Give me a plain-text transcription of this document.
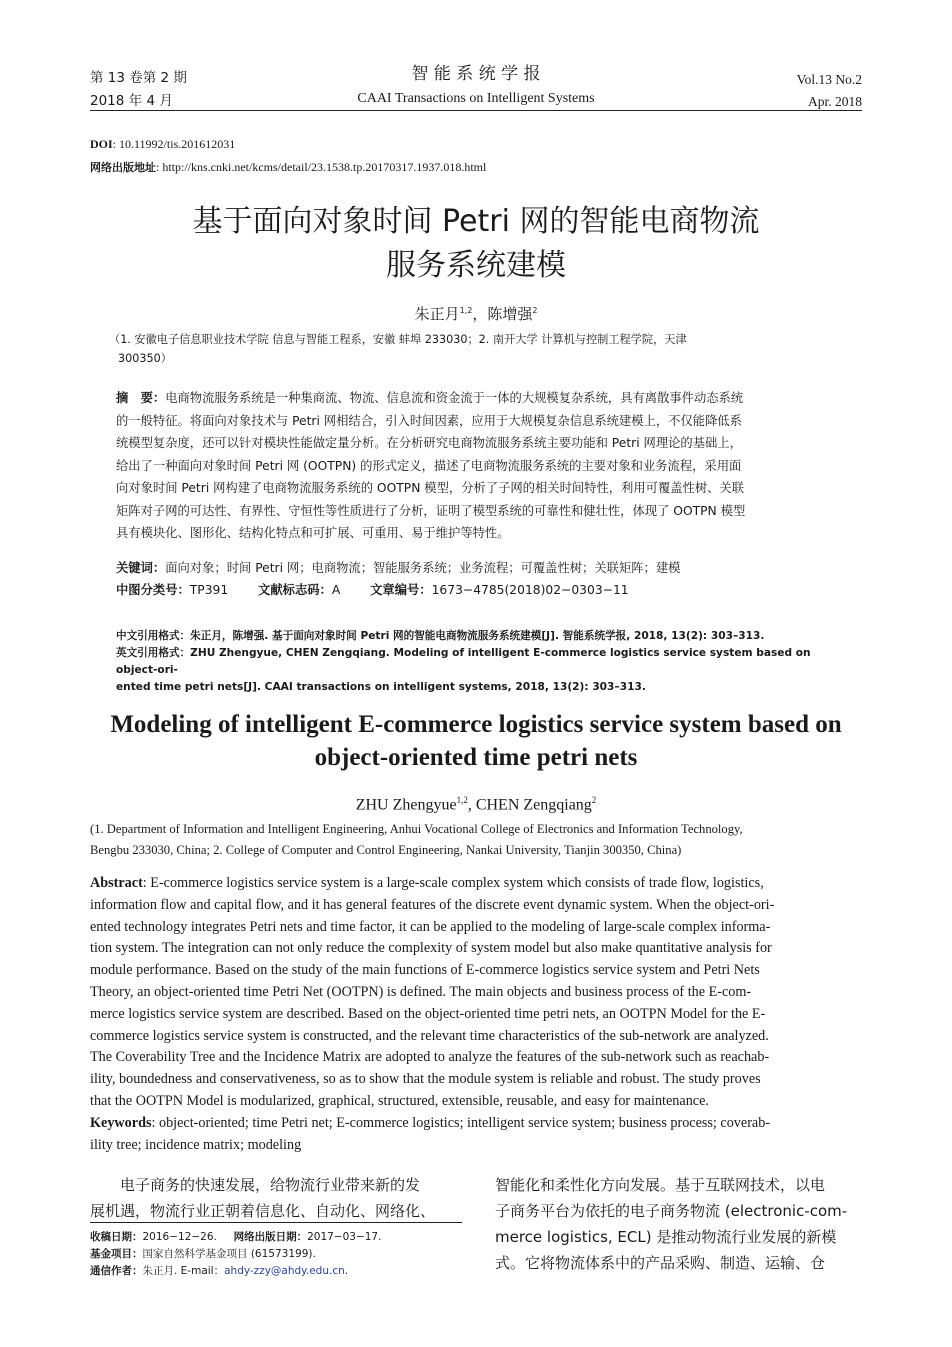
第 13 卷第 2 期
2018 年 4 月
智 能 系 统 学 报
CAAI Transactions on Intelligent Systems
Vol.13 No.2
Apr. 2018
DOI: 10.11992/tis.201612031
网络出版地址: http://kns.cnki.net/kcms/detail/23.1538.tp.20170317.1937.018.html
基于面向对象时间 Petri 网的智能电商物流
服务系统建模
朱正月$^{1,2}$，陈增强$^2$
（1. 安徽电子信息职业技术学院 信息与智能工程系，安徽 蚌埠 233030；2. 南开大学 计算机与控制工程学院，天津
300350）
摘　要：电商物流服务系统是一种集商流、物流、信息流和资金流于一体的大规模复杂系统，具有离散事件动态系统
的一般特征。将面向对象技术与 Petri 网相结合，引入时间因素，应用于大规模复杂信息系统建模上，不仅能降低系
统模型复杂度，还可以针对模块性能做定量分析。在分析研究电商物流服务系统主要功能和 Petri 网理论的基础上，
给出了一种面向对象时间 Petri 网 (OOTPN) 的形式定义，描述了电商物流服务系统的主要对象和业务流程，采用面
向对象时间 Petri 网构建了电商物流服务系统的 OOTPN 模型，分析了子网的相关时间特性，利用可覆盖性树、关联
矩阵对子网的可达性、有界性、守恒性等性质进行了分析，证明了模型系统的可靠性和健壮性，体现了 OOTPN 模型
具有模块化、图形化、结构化特点和可扩展、可重用、易于维护等特性。
关键词：面向对象；时间 Petri 网；电商物流；智能服务系统；业务流程；可覆盖性树；关联矩阵；建模
中图分类号：TP391 文献标志码：A 文章编号：1673−4785(2018)02−0303−11
中文引用格式：朱正月，陈增强. 基于面向对象时间 Petri 网的智能电商物流服务系统建模[J]. 智能系统学报, 2018, 13(2): 303–313.
英文引用格式：ZHU Zhengyue, CHEN Zengqiang. Modeling of intelligent E-commerce logistics service system based on object-ori-
ented time petri nets[J]. CAAI transactions on intelligent systems, 2018, 13(2): 303–313.
Modeling of intelligent E-commerce logistics service system based on
object-oriented time petri nets
ZHU Zhengyue$^{1,2}$, CHEN Zengqiang$^2$
(1. Department of Information and Intelligent Engineering, Anhui Vocational College of Electronics and Information Technology,
Bengbu 233030, China; 2. College of Computer and Control Engineering, Nankai University, Tianjin 300350, China)
Abstract: E-commerce logistics service system is a large-scale complex system which consists of trade flow, logistics,
information flow and capital flow, and it has general features of the discrete event dynamic system. When the object-ori-
ented technology integrates Petri nets and time factor, it can be applied to the modeling of large-scale complex informa-
tion system. The integration can not only reduce the complexity of system model but also make quantitative analysis for
module performance. Based on the study of the main functions of E-commerce logistics service system and Petri Nets
Theory, an object-oriented time Petri Net (OOTPN) is defined. The main objects and business process of the E-com-
merce logistics service system are described. Based on the object-oriented time petri nets, an OOTPN Model for the E-
commerce logistics service system is constructed, and the relevant time characteristics of the sub-network are analyzed.
The Coverability Tree and the Incidence Matrix are adopted to analyze the features of the sub-network such as reachab-
ility, boundedness and conservativeness, so as to show that the module system is reliable and robust. The study proves
that the OOTPN Model is modularized, graphical, structured, extensible, reusable, and easy for maintenance.
Keywords: object-oriented; time Petri net; E-commerce logistics; intelligent service system; business process; coverab-
ility tree; incidence matrix; modeling
电子商务的快速发展，给物流行业带来新的发
展机遇，物流行业正朝着信息化、自动化、网络化、
智能化和柔性化方向发展。基于互联网技术，以电
子商务平台为依托的电子商务物流 (electronic-com-
merce logistics, ECL) 是推动物流行业发展的新模
式。它将物流体系中的产品采购、制造、运输、仓
收稿日期：2016−12−26. 网络出版日期：2017−03−17.
基金项目：国家自然科学基金项目 (61573199).
通信作者：朱正月. E-mail：ahdy-zzy@ahdy.edu.cn.
